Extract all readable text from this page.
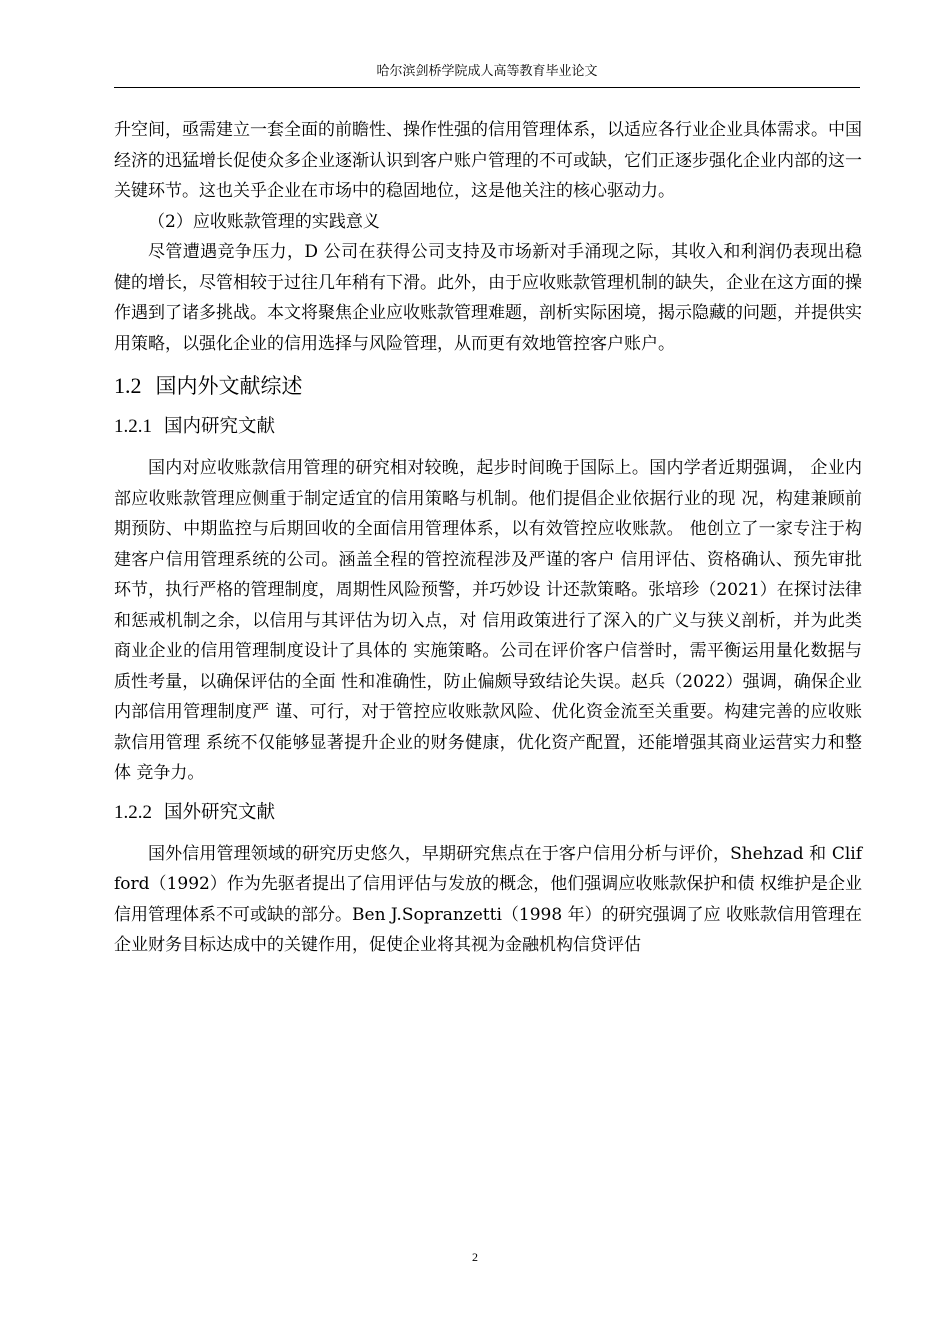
哈尔滨剑桥学院成人高等教育毕业论文

升空间，亟需建立一套全面的前瞻性、操作性强的信用管理体系，以适应各行业企业具体需求。中国经济的迅猛增长促使众多企业逐渐认识到客户账户管理的不可或缺，它们正逐步强化企业内部的这一关键环节。这也关乎企业在市场中的稳固地位，这是他关注的核心驱动力。

（2）应收账款管理的实践意义

尽管遭遇竞争压力，D 公司在获得公司支持及市场新对手涌现之际，其收入和利润仍表现出稳健的增长，尽管相较于过往几年稍有下滑。此外，由于应收账款管理机制的缺失，企业在这方面的操作遇到了诸多挑战。本文将聚焦企业应收账款管理难题，剖析实际困境，揭示隐藏的问题，并提供实用策略，以强化企业的信用选择与风险管理，从而更有效地管控客户账户。

1.2 国内外文献综述
1.2.1 国内研究文献

国内对应收账款信用管理的研究相对较晚，起步时间晚于国际上。国内学者近期强调， 企业内部应收账款管理应侧重于制定适宜的信用策略与机制。他们提倡企业依据行业的现 况，构建兼顾前期预防、中期监控与后期回收的全面信用管理体系，以有效管控应收账款。 他创立了一家专注于构建客户信用管理系统的公司。涵盖全程的管控流程涉及严谨的客户 信用评估、资格确认、预先审批环节，执行严格的管理制度，周期性风险预警，并巧妙设 计还款策略。张培珍（2021）在探讨法律和惩戒机制之余，以信用与其评估为切入点，对 信用政策进行了深入的广义与狭义剖析，并为此类商业企业的信用管理制度设计了具体的 实施策略。公司在评价客户信誉时，需平衡运用量化数据与质性考量，以确保评估的全面 性和准确性，防止偏颇导致结论失误。赵兵（2022）强调，确保企业内部信用管理制度严 谨、可行，对于管控应收账款风险、优化资金流至关重要。构建完善的应收账款信用管理 系统不仅能够显著提升企业的财务健康，优化资产配置，还能增强其商业运营实力和整体 竞争力。

1.2.2 国外研究文献

国外信用管理领域的研究历史悠久，早期研究焦点在于客户信用分析与评价，Shehzad 和 Clifford（1992）作为先驱者提出了信用评估与发放的概念，他们强调应收账款保护和债 权维护是企业信用管理体系不可或缺的部分。Ben J.Sopranzetti（1998 年）的研究强调了应 收账款信用管理在企业财务目标达成中的关键作用，促使企业将其视为金融机构信贷评估

2
